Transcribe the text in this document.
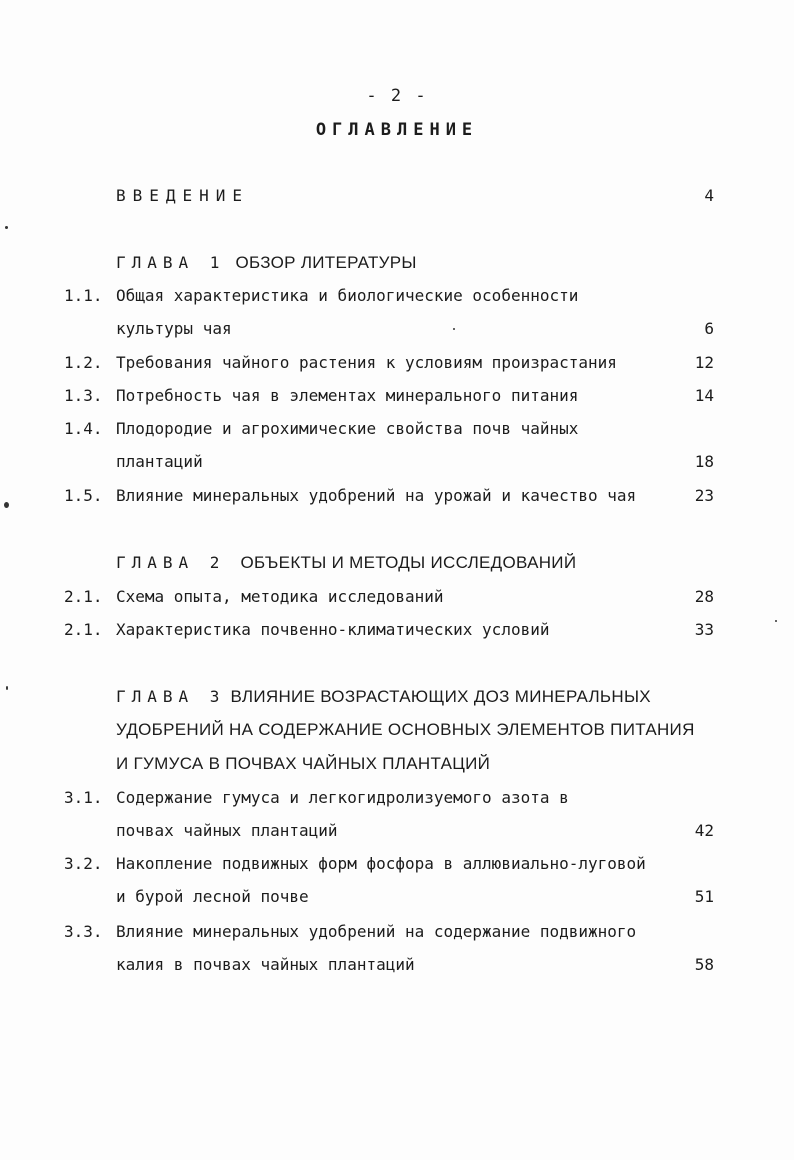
- 2 -
ОГЛАВЛЕНИЕ
ВВЕДЕНИЕ	4
ГЛАВА 1 ОБЗОР ЛИТЕРАТУРЫ
1.1. Общая характеристика и биологические особенности
культуры чая	6
1.2. Требования чайного растения к условиям произрастания	12
1.3. Потребность чая в элементах минерального питания	14
1.4. Плодородие и агрохимические свойства почв чайных
плантаций	18
1.5. Влияние минеральных удобрений на урожай и качество чая	23
ГЛАВА 2 ОБЪЕКТЫ И МЕТОДЫ ИССЛЕДОВАНИЙ
2.1. Схема опыта, методика исследований	28
2.1. Характеристика почвенно-климатических условий	33
ГЛАВА 3 ВЛИЯНИЕ ВОЗРАСТАЮЩИХ ДОЗ МИНЕРАЛЬНЫХ
УДОБРЕНИЙ НА СОДЕРЖАНИЕ ОСНОВНЫХ ЭЛЕМЕНТОВ ПИТАНИЯ
И ГУМУСА В ПОЧВАХ ЧАЙНЫХ ПЛАНТАЦИЙ
3.1. Содержание гумуса и легкогидролизуемого азота в
почвах чайных плантаций	42
3.2. Накопление подвижных форм фосфора в аллювиально-луговой
и бурой лесной почве	51
3.3. Влияние минеральных удобрений на содержание подвижного
калия в почвах чайных плантаций	58
